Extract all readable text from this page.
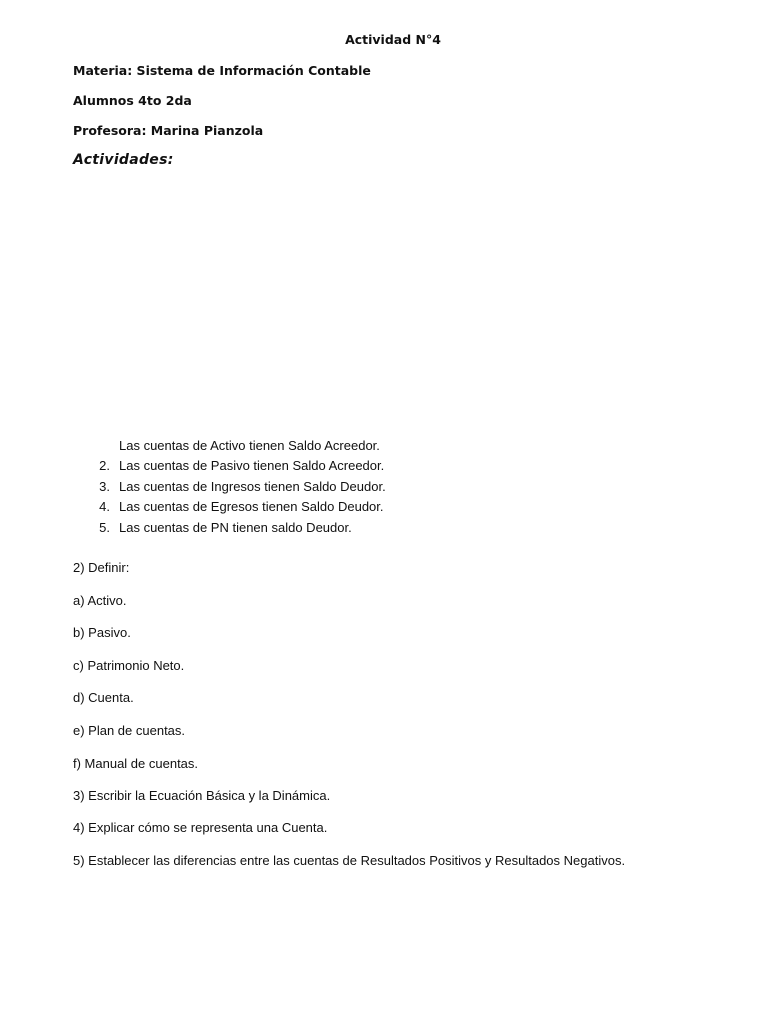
Actividad N°4
Materia: Sistema de Información Contable
Alumnos 4to 2da
Profesora: Marina Pianzola
Actividades:
Las cuentas de Activo tienen Saldo Acreedor.
2. Las cuentas de Pasivo tienen Saldo Acreedor.
3. Las cuentas de Ingresos tienen Saldo Deudor.
4. Las cuentas de Egresos tienen Saldo Deudor.
5. Las cuentas de PN tienen saldo Deudor.
2) Definir:
a) Activo.
b) Pasivo.
c) Patrimonio Neto.
d) Cuenta.
e) Plan de cuentas.
f) Manual de cuentas.
3) Escribir la Ecuación Básica y la Dinámica.
4) Explicar cómo se representa una Cuenta.
5) Establecer las diferencias entre las cuentas de Resultados Positivos y Resultados Negativos.
